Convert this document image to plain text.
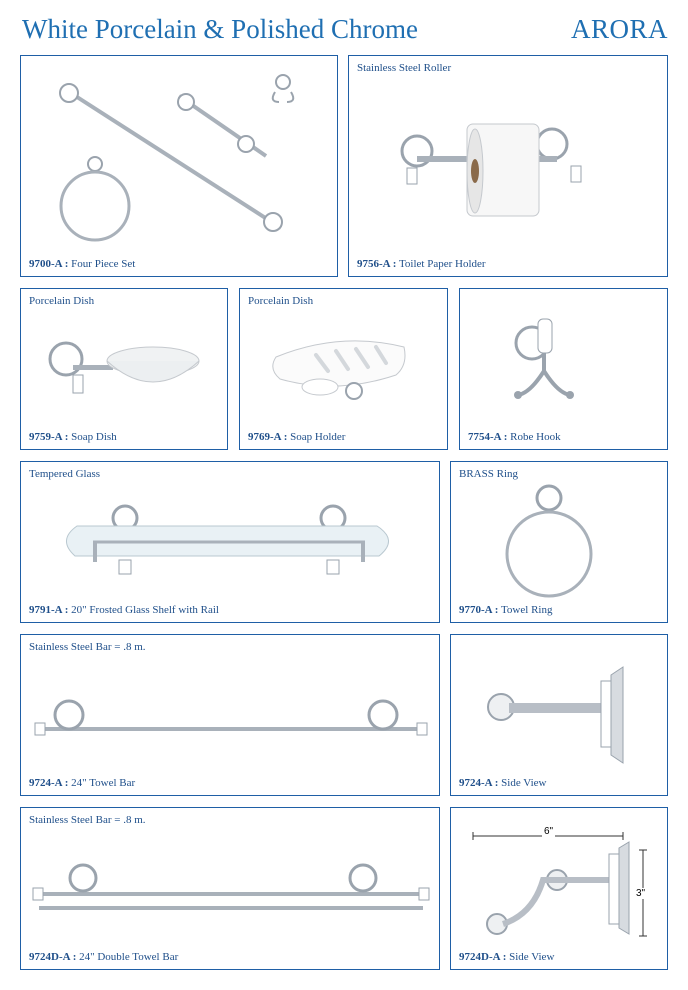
White Porcelain & Polished Chrome	ARORA
9700-A : Four Piece Set
Stainless Steel Roller
9756-A : Toilet Paper Holder
Porcelain Dish
9759-A : Soap Dish
Porcelain Dish
9769-A : Soap Holder	7754-A : Robe Hook
Tempered Glass
9791-A : 20" Frosted Glass Shelf with Rail
BRASS Ring
9770-A : Towel Ring
Stainless Steel Bar = .8 m.
9724-A : 24" Towel Bar	9724-A : Side View
Stainless Steel Bar = .8 m.
9724D-A : 24" Double Towel Bar
6"
3"
9724D-A : Side View
